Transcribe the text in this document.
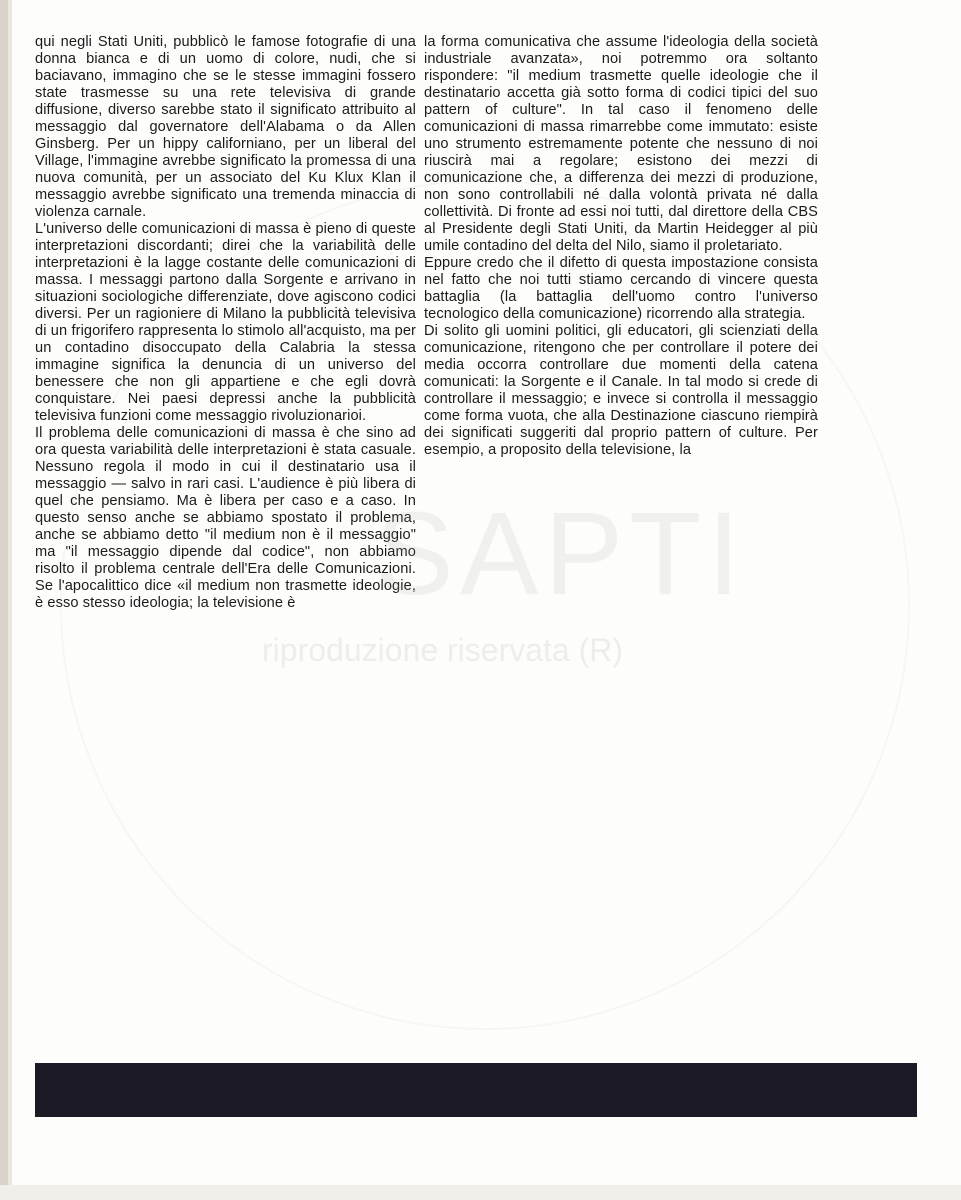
qui negli Stati Uniti, pubblicò le famose fotografie di una donna bianca e di un uomo di colore, nudi, che si baciavano, immagino che se le stesse immagini fossero state trasmesse su una rete televisiva di grande diffusione, diverso sarebbe stato il significato attribuito al messaggio dal governatore dell'Alabama o da Allen Ginsberg. Per un hippy californiano, per un liberal del Village, l'immagine avrebbe significato la promessa di una nuova comunità, per un associato del Ku Klux Klan il messaggio avrebbe significato una tremenda minaccia di violenza carnale.

L'universo delle comunicazioni di massa è pieno di queste interpretazioni discordanti; direi che la variabilità delle interpretazioni è la lagge costante delle comunicazioni di massa. I messaggi partono dalla Sorgente e arrivano in situazioni sociologiche differenziate, dove agiscono codici diversi. Per un ragioniere di Milano la pubblicità televisiva di un frigorifero rappresenta lo stimolo all'acquisto, ma per un contadino disoccupato della Calabria la stessa immagine significa la denuncia di un universo del benessere che non gli appartiene e che egli dovrà conquistare. Nei paesi depressi anche la pubblicità televisiva funzioni come messaggio rivoluzionarioi.

Il problema delle comunicazioni di massa è che sino ad ora questa variabilità delle interpretazioni è stata casuale. Nessuno regola il modo in cui il destinatario usa il messaggio — salvo in rari casi. L'audience è più libera di quel che pensiamo. Ma è libera per caso e a caso. In questo senso anche se abbiamo spostato il problema, anche se abbiamo detto "il medium non è il messaggio" ma "il messaggio dipende dal codice", non abbiamo risolto il problema centrale dell'Era delle Comunicazioni. Se l'apocalittico dice «il medium non trasmette ideologie, è esso stesso ideologia; la televisione è

la forma comunicativa che assume l'ideologia della società industriale avanzata», noi potremmo ora soltanto rispondere: "il medium trasmette quelle ideologie che il destinatario accetta già sotto forma di codici tipici del suo pattern of culture". In tal caso il fenomeno delle comunicazioni di massa rimarrebbe come immutato: esiste uno strumento estremamente potente che nessuno di noi riuscirà mai a regolare; esistono dei mezzi di comunicazione che, a differenza dei mezzi di produzione, non sono controllabili né dalla volontà privata né dalla collettività. Di fronte ad essi noi tutti, dal direttore della CBS al Presidente degli Stati Uniti, da Martin Heidegger al più umile contadino del delta del Nilo, siamo il proletariato.

Eppure credo che il difetto di questa impostazione consista nel fatto che noi tutti stiamo cercando di vincere questa battaglia (la battaglia dell'uomo contro l'universo tecnologico della comunicazione) ricorrendo alla strategia.

Di solito gli uomini politici, gli educatori, gli scienziati della comunicazione, ritengono che per controllare il potere dei media occorra controllare due momenti della catena comunicati: la Sorgente e il Canale. In tal modo si crede di controllare il messaggio; e invece si controlla il messaggio come forma vuota, che alla Destinazione ciascuno riempirà dei significati suggeriti dal proprio pattern of culture. Per esempio, a proposito della televisione, la

SAPTI
riproduzione riservata (R)
